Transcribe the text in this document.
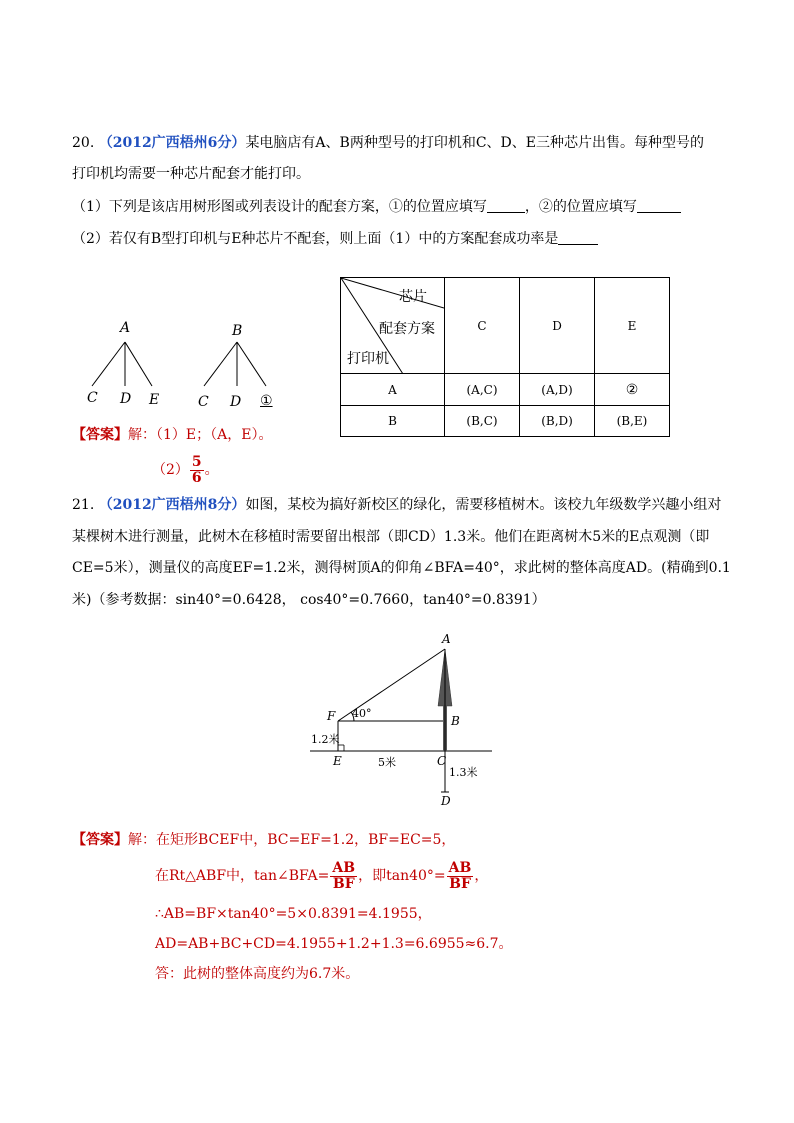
20. （2012广西梧州6分）某电脑店有A、B两种型号的打印机和C、D、E三种芯片出售。每种型号的
打印机均需要一种芯片配套才能打印。
（1）下列是该店用树形图或列表设计的配套方案，①的位置应填写	，②的位置应填写
（2）若仅有B型打印机与E种芯片不配套，则上面（1）中的方案配套成功率是
A
C D E
B
C D ①
芯片
配套方案
打印机	C	D	E
A	(A,C)	(A,D)	②
B	(B,C)	(B,D)	(B,E)
【答案】解：（1）E；（A，E）。
$(2) \frac{5}{6}$ 。
21. （2012广西梧州8分）如图，某校为搞好新校区的绿化，需要移植树木。该校九年级数学兴趣小组对
某棵树木进行测量，此树木在移植时需要留出根部（即CD）1.3米。他们在距离树木5米的E点观测（即
CE=5米），测量仪的高度EF=1.2米，测得树顶A的仰角∠BFA=40°，求此树的整体高度AD。(精确到0.1
米)（参考数据：sin40°=0.6428， cos40°=0.7660，tan40°=0.8391）
A
B
C
D
E
F 40°
1.2米
5米
1.3米
【答案】解：在矩形BCEF中，BC=EF=1.2，BF=EC=5，
在Rt△ABF中，tan∠BFA= $\frac{AB}{BF}$ ，即$\tan 40^\circ= \frac{AB}{BF}$ ，
∴AB=BF×tan40°=5×0.8391=4.1955，
AD=AB+BC+CD=4.1955+1.2+1.3=6.6955≈6.7。
答：此树的整体高度约为6.7米。
